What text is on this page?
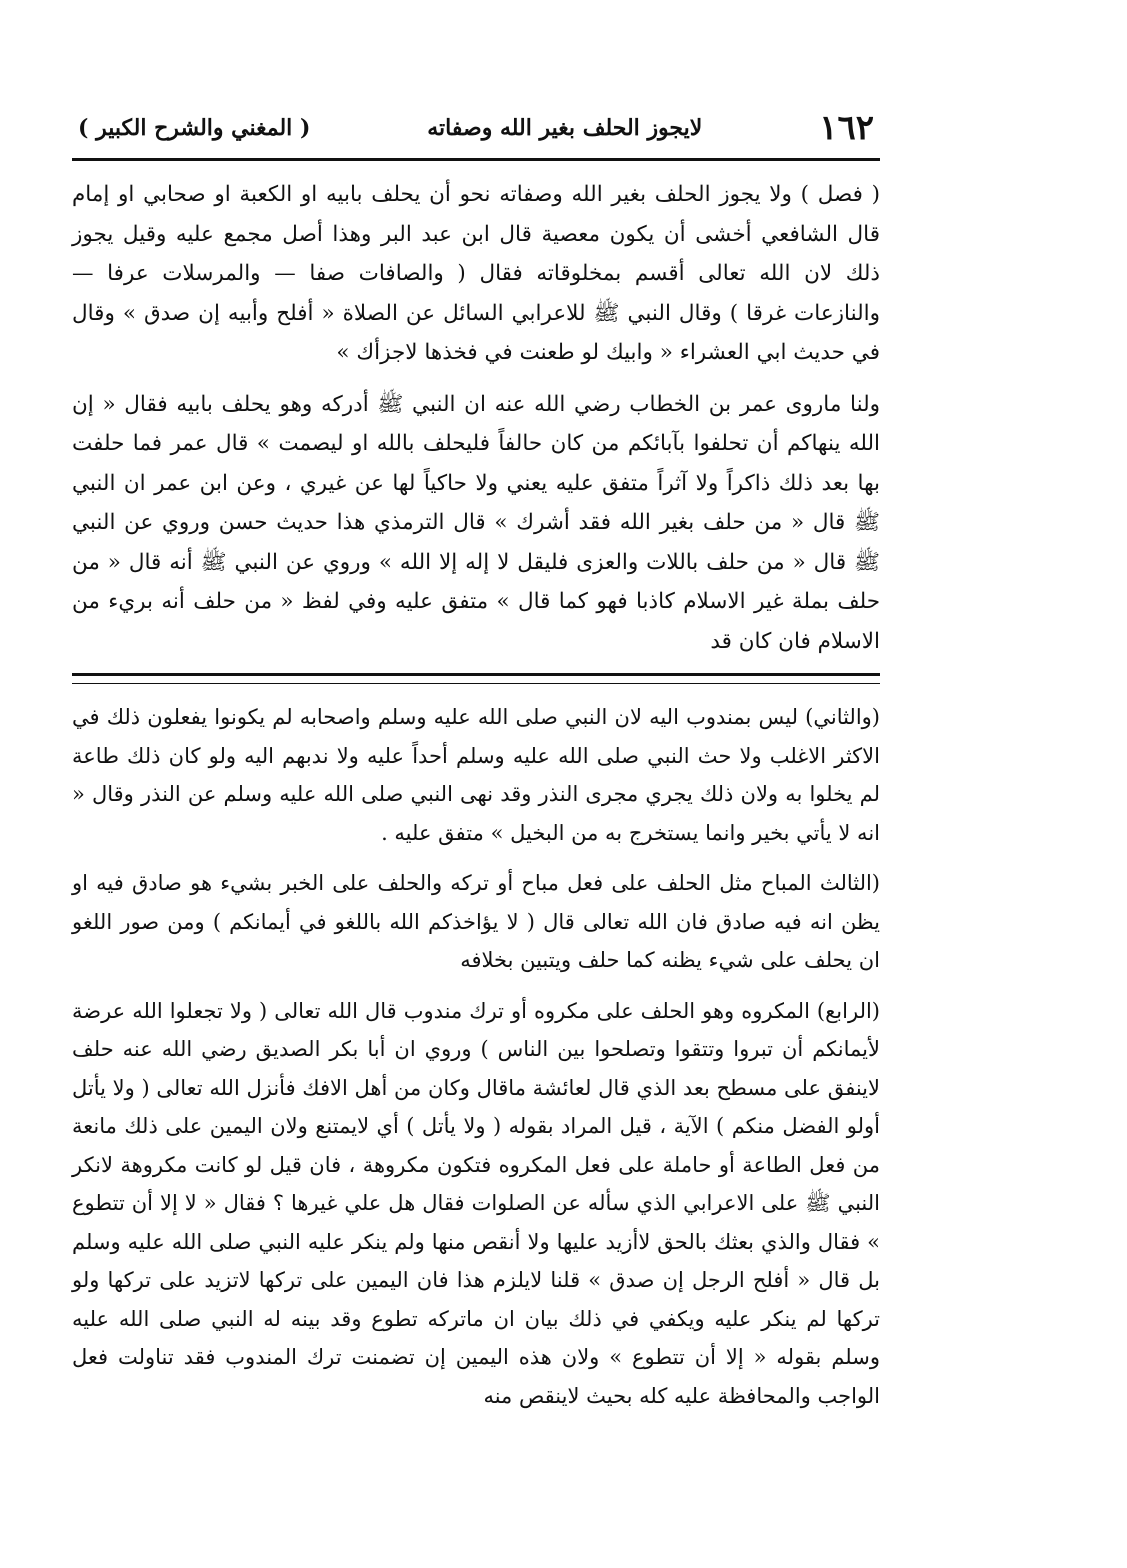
١٦٢
لايجوز الحلف بغير الله وصفاته
( المغني والشرح الكبير )

( فصل ) ولا يجوز الحلف بغير الله وصفاته نحو أن يحلف بابيه او الكعبة او صحابي او إمام قال الشافعي أخشى أن يكون معصية قال ابن عبد البر وهذا أصل مجمع عليه وقيل يجوز ذلك لان الله تعالى أقسم بمخلوقاته فقال ( والصافات صفا — والمرسلات عرفا — والنازعات غرقا ) وقال النبي ﷺ للاعرابي السائل عن الصلاة « أفلح وأبيه إن صدق » وقال في حديث ابي العشراء « وابيك لو طعنت في فخذها لاجزأك »

ولنا ماروى عمر بن الخطاب رضي الله عنه ان النبي ﷺ أدركه وهو يحلف بابيه فقال « إن الله ينهاكم أن تحلفوا بآبائكم من كان حالفاً فليحلف بالله او ليصمت » قال عمر فما حلفت بها بعد ذلك ذاكراً ولا آثراً متفق عليه يعني ولا حاكياً لها عن غيري ، وعن ابن عمر ان النبي ﷺ قال « من حلف بغير الله فقد أشرك » قال الترمذي هذا حديث حسن وروي عن النبي ﷺ قال « من حلف باللات والعزى فليقل لا إله إلا الله » وروي عن النبي ﷺ أنه قال « من حلف بملة غير الاسلام كاذبا فهو كما قال » متفق عليه وفي لفظ « من حلف أنه بريء من الاسلام فان كان قد

(والثاني) ليس بمندوب اليه لان النبي صلى الله عليه وسلم واصحابه لم يكونوا يفعلون ذلك في الاكثر الاغلب ولا حث النبي صلى الله عليه وسلم أحداً عليه ولا ندبهم اليه ولو كان ذلك طاعة لم يخلوا به ولان ذلك يجري مجرى النذر وقد نهى النبي صلى الله عليه وسلم عن النذر وقال « انه لا يأتي بخير وانما يستخرج به من البخيل » متفق عليه .

(الثالث المباح مثل الحلف على فعل مباح أو تركه والحلف على الخبر بشيء هو صادق فيه او يظن انه فيه صادق فان الله تعالى قال ( لا يؤاخذكم الله باللغو في أيمانكم ) ومن صور اللغو ان يحلف على شيء يظنه كما حلف ويتبين بخلافه

(الرابع) المكروه وهو الحلف على مكروه أو ترك مندوب قال الله تعالى ( ولا تجعلوا الله عرضة لأيمانكم أن تبروا وتتقوا وتصلحوا بين الناس ) وروي ان أبا بكر الصديق رضي الله عنه حلف لاينفق على مسطح بعد الذي قال لعائشة ماقال وكان من أهل الافك فأنزل الله تعالى ( ولا يأتل أولو الفضل منكم ) الآية ، قيل المراد بقوله ( ولا يأتل ) أي لايمتنع ولان اليمين على ذلك مانعة من فعل الطاعة أو حاملة على فعل المكروه فتكون مكروهة ، فان قيل لو كانت مكروهة لانكر النبي ﷺ على الاعرابي الذي سأله عن الصلوات فقال هل علي غيرها ؟ فقال « لا إلا أن تتطوع » فقال والذي بعثك بالحق لاأزيد عليها ولا أنقص منها ولم ينكر عليه النبي صلى الله عليه وسلم بل قال « أفلح الرجل إن صدق » قلنا لايلزم هذا فان اليمين على تركها لاتزيد على تركها ولو تركها لم ينكر عليه ويكفي في ذلك بيان ان ماتركه تطوع وقد بينه له النبي صلى الله عليه وسلم بقوله « إلا أن تتطوع » ولان هذه اليمين إن تضمنت ترك المندوب فقد تناولت فعل الواجب والمحافظة عليه كله بحيث لاينقص منه
